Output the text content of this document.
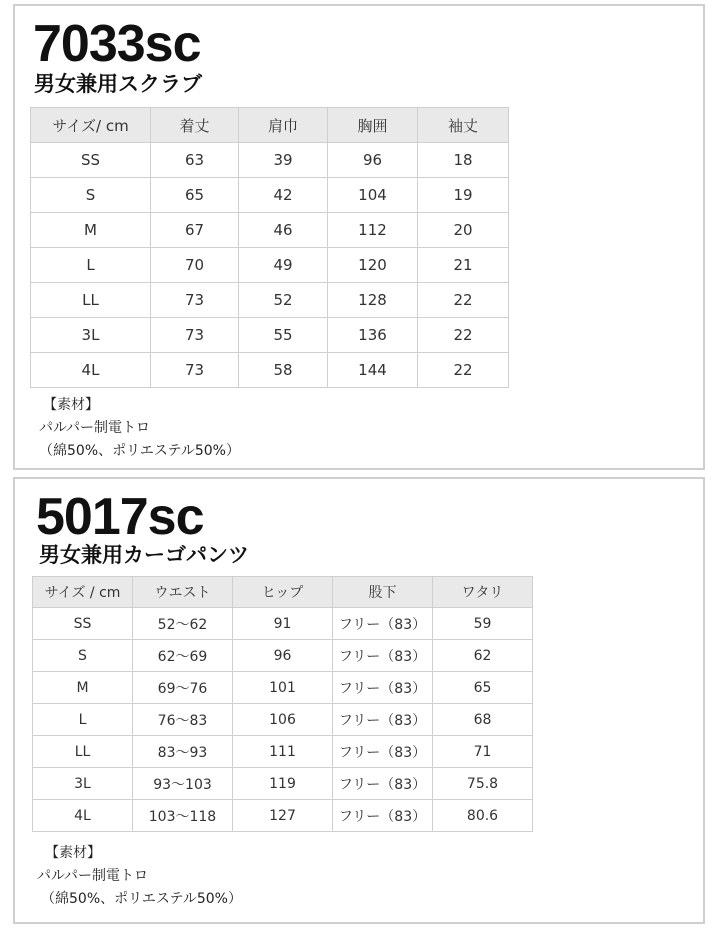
7033sc
男女兼用スクラブ
サイズ/ cm	着丈	肩巾	胸囲	袖丈
SS	63	39	96	18
S	65	42	104	19
M	67	46	112	20
L	70	49	120	21
LL	73	52	128	22
3L	73	55	136	22
4L	73	58	144	22
【素材】
パルパー制電トロ
（綿50%、ポリエステル50%）
5017sc
男女兼用カーゴパンツ
サイズ / cm	ウエスト	ヒップ	股下	ワタリ
SS	52〜62	91	フリー（83）	59
S	62〜69	96	フリー（83）	62
M	69〜76	101	フリー（83）	65
L	76〜83	106	フリー（83）	68
LL	83〜93	111	フリー（83）	71
3L	93〜103	119	フリー（83）	75.8
4L	103〜118	127	フリー（83）	80.6
【素材】
パルパー制電トロ
（綿50%、ポリエステル50%）
